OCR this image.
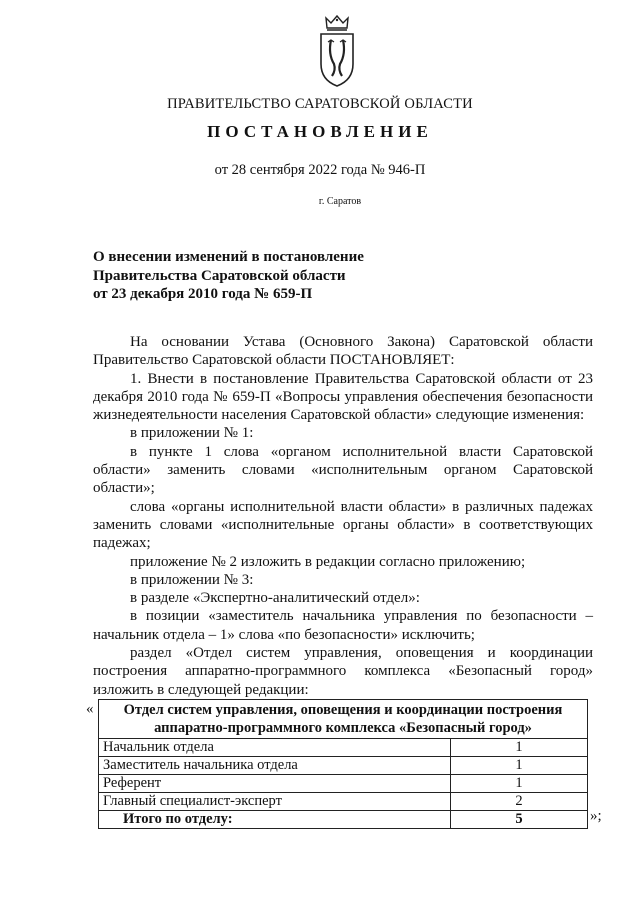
ПРАВИТЕЛЬСТВО САРАТОВСКОЙ ОБЛАСТИ
ПОСТАНОВЛЕНИЕ
от 28 сентября 2022 года № 946-П
г. Саратов
О внесении изменений в постановление
Правительства Саратовской области
от 23 декабря 2010 года № 659-П

На основании Устава (Основного Закона) Саратовской области Правительство Саратовской области ПОСТАНОВЛЯЕТ:

1. Внести в постановление Правительства Саратовской области от 23 декабря 2010 года № 659-П «Вопросы управления обеспечения безопасности жизнедеятельности населения Саратовской области» следующие изменения:

в приложении № 1:

в пункте 1 слова «органом исполнительной власти Саратовской области» заменить словами «исполнительным органом Саратовской области»;

слова «органы исполнительной власти области» в различных падежах заменить словами «исполнительные органы области» в соответствующих падежах;

приложение № 2 изложить в редакции согласно приложению;

в приложении № 3:

в разделе «Экспертно-аналитический отдел»:

в позиции «заместитель начальника управления по безопасности – начальник отдела – 1» слова «по безопасности» исключить;

раздел «Отдел систем управления, оповещения и координации построения аппаратно-программного комплекса «Безопасный город» изложить в следующей редакции:

« Отдел систем управления, оповещения и координации построения аппаратно-программного комплекса «Безопасный город»	
Начальник отдела	1
Заместитель начальника отдела	1
Референт	1
Главный специалист-эксперт	2
Итого по отделу:	5	»;
